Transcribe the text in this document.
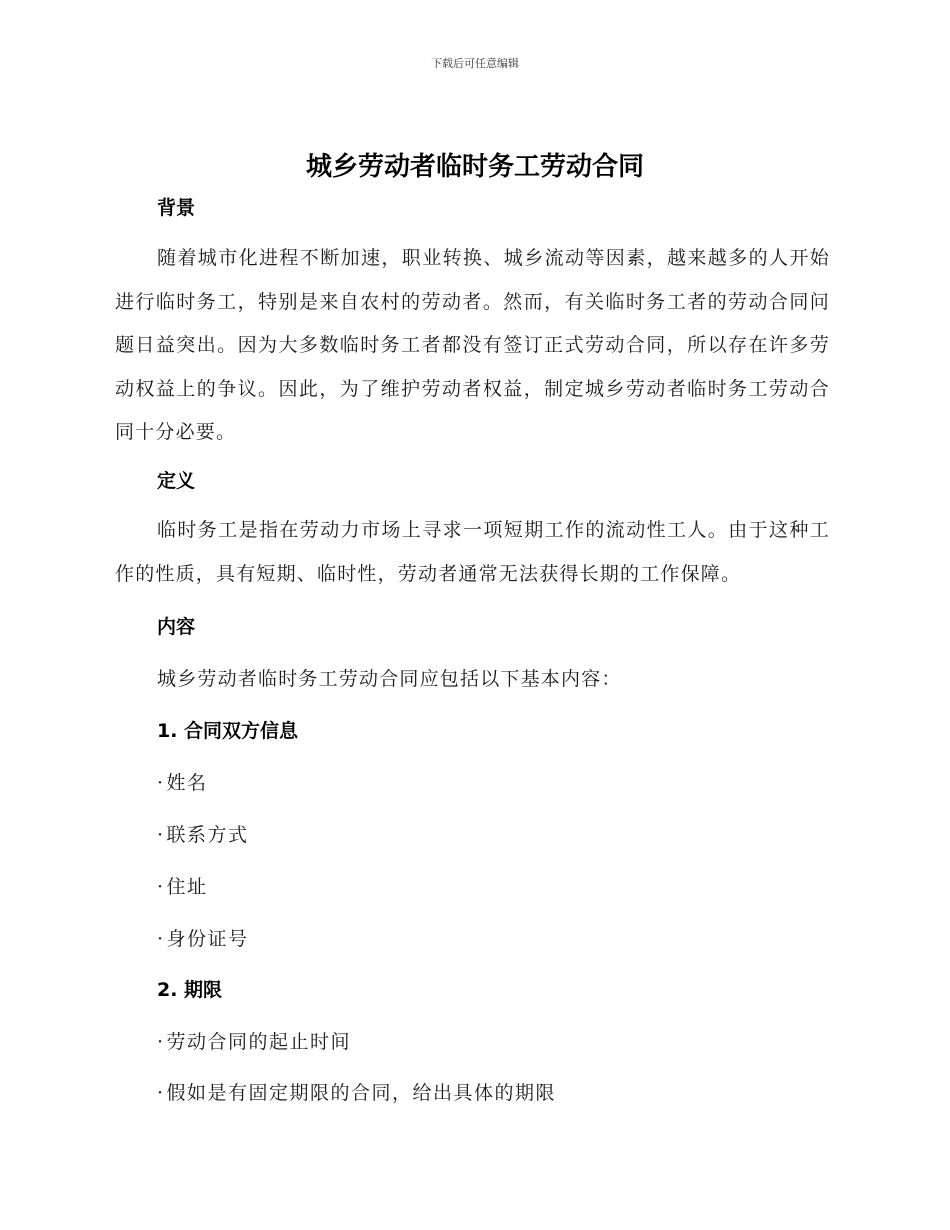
下载后可任意编辑
城乡劳动者临时务工劳动合同
背景
随着城市化进程不断加速，职业转换、城乡流动等因素，越来越多的人开始进行临时务工，特别是来自农村的劳动者。然而，有关临时务工者的劳动合同问题日益突出。因为大多数临时务工者都没有签订正式劳动合同，所以存在许多劳动权益上的争议。因此，为了维护劳动者权益，制定城乡劳动者临时务工劳动合同十分必要。
定义
临时务工是指在劳动力市场上寻求一项短期工作的流动性工人。由于这种工作的性质，具有短期、临时性，劳动者通常无法获得长期的工作保障。
内容
城乡劳动者临时务工劳动合同应包括以下基本内容：
1. 合同双方信息
· 姓名
· 联系方式
· 住址
· 身份证号
2. 期限
· 劳动合同的起止时间
· 假如是有固定期限的合同，给出具体的期限
